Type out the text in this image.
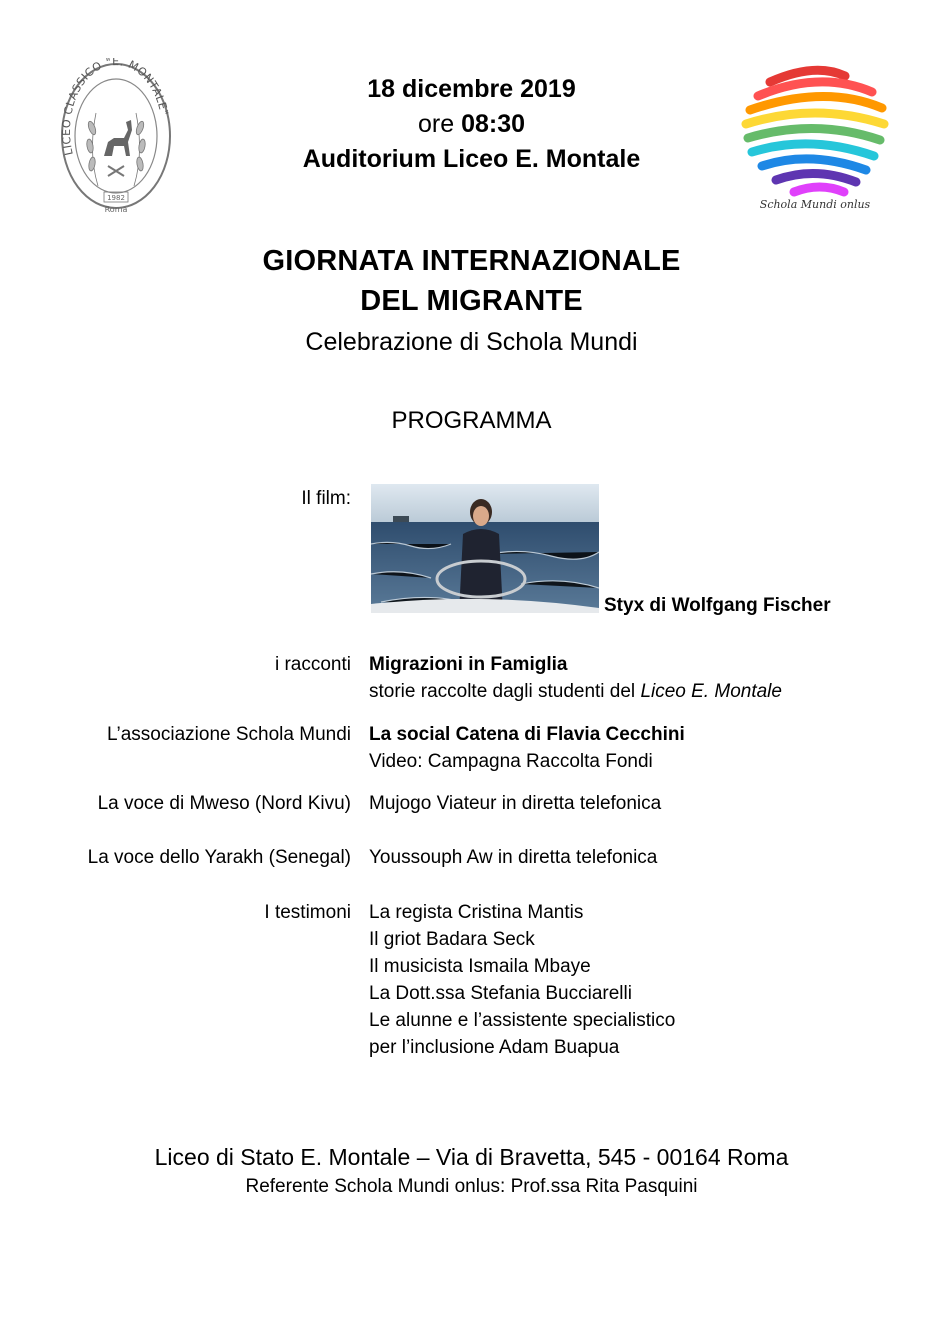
LICEO CLASSICO "E. MONTALE"
1982
Roma	Schola Mundi onlus
18 dicembre 2019
ore 08:30
Auditorium Liceo E. Montale
GIORNATA INTERNAZIONALE
DEL MIGRANTE
Celebrazione di Schola Mundi
PROGRAMMA
Il film:
Styx di Wolfgang Fischer
i racconti Migrazioni in Famiglia
storie raccolte dagli studenti del Liceo E. Montale
L’associazione Schola Mundi La social Catena di Flavia Cecchini
Video: Campagna Raccolta Fondi
La voce di Mweso (Nord Kivu) Mujogo Viateur in diretta telefonica
La voce dello Yarakh (Senegal) Youssouph Aw in diretta telefonica
I testimoni La regista Cristina Mantis
Il griot Badara Seck
Il musicista Ismaila Mbaye
La Dott.ssa Stefania Bucciarelli
Le alunne e l’assistente specialistico
per l’inclusione Adam Buapua
Liceo di Stato E. Montale – Via di Bravetta, 545 - 00164 Roma
Referente Schola Mundi onlus: Prof.ssa Rita Pasquini
